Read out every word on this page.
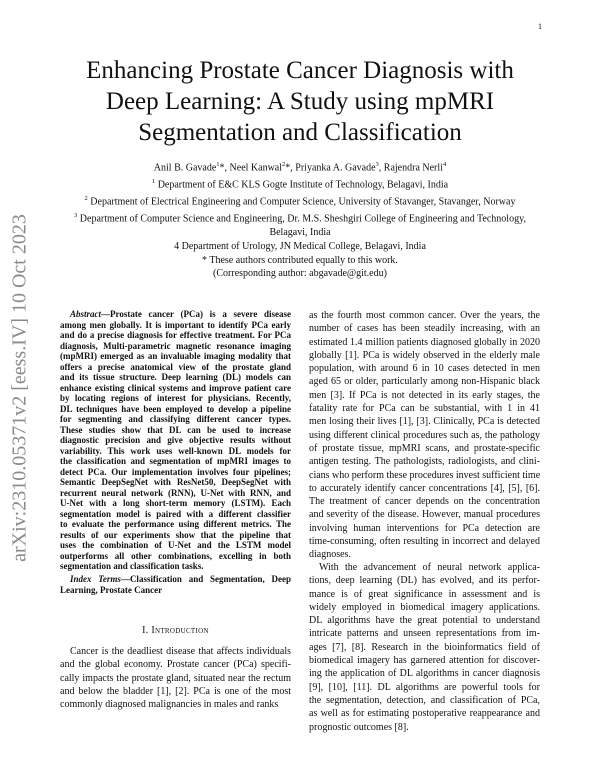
1
Enhancing Prostate Cancer Diagnosis with
Deep Learning: A Study using mpMRI
Segmentation and Classification
Anil B. Gavade$^1$*, Neel Kanwal$^2$*, Priyanka A. Gavade$^3$, Rajendra Nerli$^4$
$^1$ Department of E&C KLS Gogte Institute of Technology, Belagavi, India
$^2$ Department of Electrical Engineering and Computer Science, University of Stavanger, Stavanger, Norway
$^3$ Department of Computer Science and Engineering, Dr. M.S. Sheshgiri College of Engineering and Technology,
Belagavi, India
4 Department of Urology, JN Medical College, Belagavi, India
* These authors contributed equally to this work.
(Corresponding author: abgavade@git.edu)
arXiv:2310.05371v2 [eess.IV] 10 Oct 2023	Abstract—Prostate cancer (PCa) is a severe disease
among men globally. It is important to identify PCa early
and do a precise diagnosis for effective treatment. For PCa
diagnosis, Multi-parametric magnetic resonance imaging
(mpMRI) emerged as an invaluable imaging modality that
offers a precise anatomical view of the prostate gland
and its tissue structure. Deep learning (DL) models can
enhance existing clinical systems and improve patient care
by locating regions of interest for physicians. Recently,
DL techniques have been employed to develop a pipeline
for segmenting and classifying different cancer types.
These studies show that DL can be used to increase
diagnostic precision and give objective results without
variability. This work uses well-known DL models for
the classification and segmentation of mpMRI images to
detect PCa. Our implementation involves four pipelines;
Semantic DeepSegNet with ResNet50, DeepSegNet with
recurrent neural network (RNN), U-Net with RNN, and
U-Net with a long short-term memory (LSTM). Each
segmentation model is paired with a different classifier
to evaluate the performance using different metrics. The
results of our experiments show that the pipeline that
uses the combination of U-Net and the LSTM model
outperforms all other combinations, excelling in both
segmentation and classification tasks.
Index Terms—Classification and Segmentation, Deep
Learning, Prostate Cancer
I. Introduction
Cancer is the deadliest disease that affects individuals
and the global economy. Prostate cancer (PCa) specifi-
cally impacts the prostate gland, situated near the rectum
and below the bladder [1], [2]. PCa is one of the most
commonly diagnosed malignancies in males and ranks
as the fourth most common cancer. Over the years, the
number of cases has been steadily increasing, with an
estimated 1.4 million patients diagnosed globally in 2020
globally [1]. PCa is widely observed in the elderly male
population, with around 6 in 10 cases detected in men
aged 65 or older, particularly among non-Hispanic black
men [3]. If PCa is not detected in its early stages, the
fatality rate for PCa can be substantial, with 1 in 41
men losing their lives [1], [3]. Clinically, PCa is detected
using different clinical procedures such as, the pathology
of prostate tissue, mpMRI scans, and prostate-specific
antigen testing. The pathologists, radiologists, and clini-
cians who perform these procedures invest sufficient time
to accurately identify cancer concentrations [4], [5], [6].
The treatment of cancer depends on the concentration
and severity of the disease. However, manual procedures
involving human interventions for PCa detection are
time-consuming, often resulting in incorrect and delayed
diagnoses.
With the advancement of neural network applica-
tions, deep learning (DL) has evolved, and its perfor-
mance is of great significance in assessment and is
widely employed in biomedical imagery applications.
DL algorithms have the great potential to understand
intricate patterns and unseen representations from im-
ages [7], [8]. Research in the bioinformatics field of
biomedical imagery has garnered attention for discover-
ing the application of DL algorithms in cancer diagnosis
[9], [10], [11]. DL algorithms are powerful tools for
the segmentation, detection, and classification of PCa,
as well as for estimating postoperative reappearance and
prognostic outcomes [8].
